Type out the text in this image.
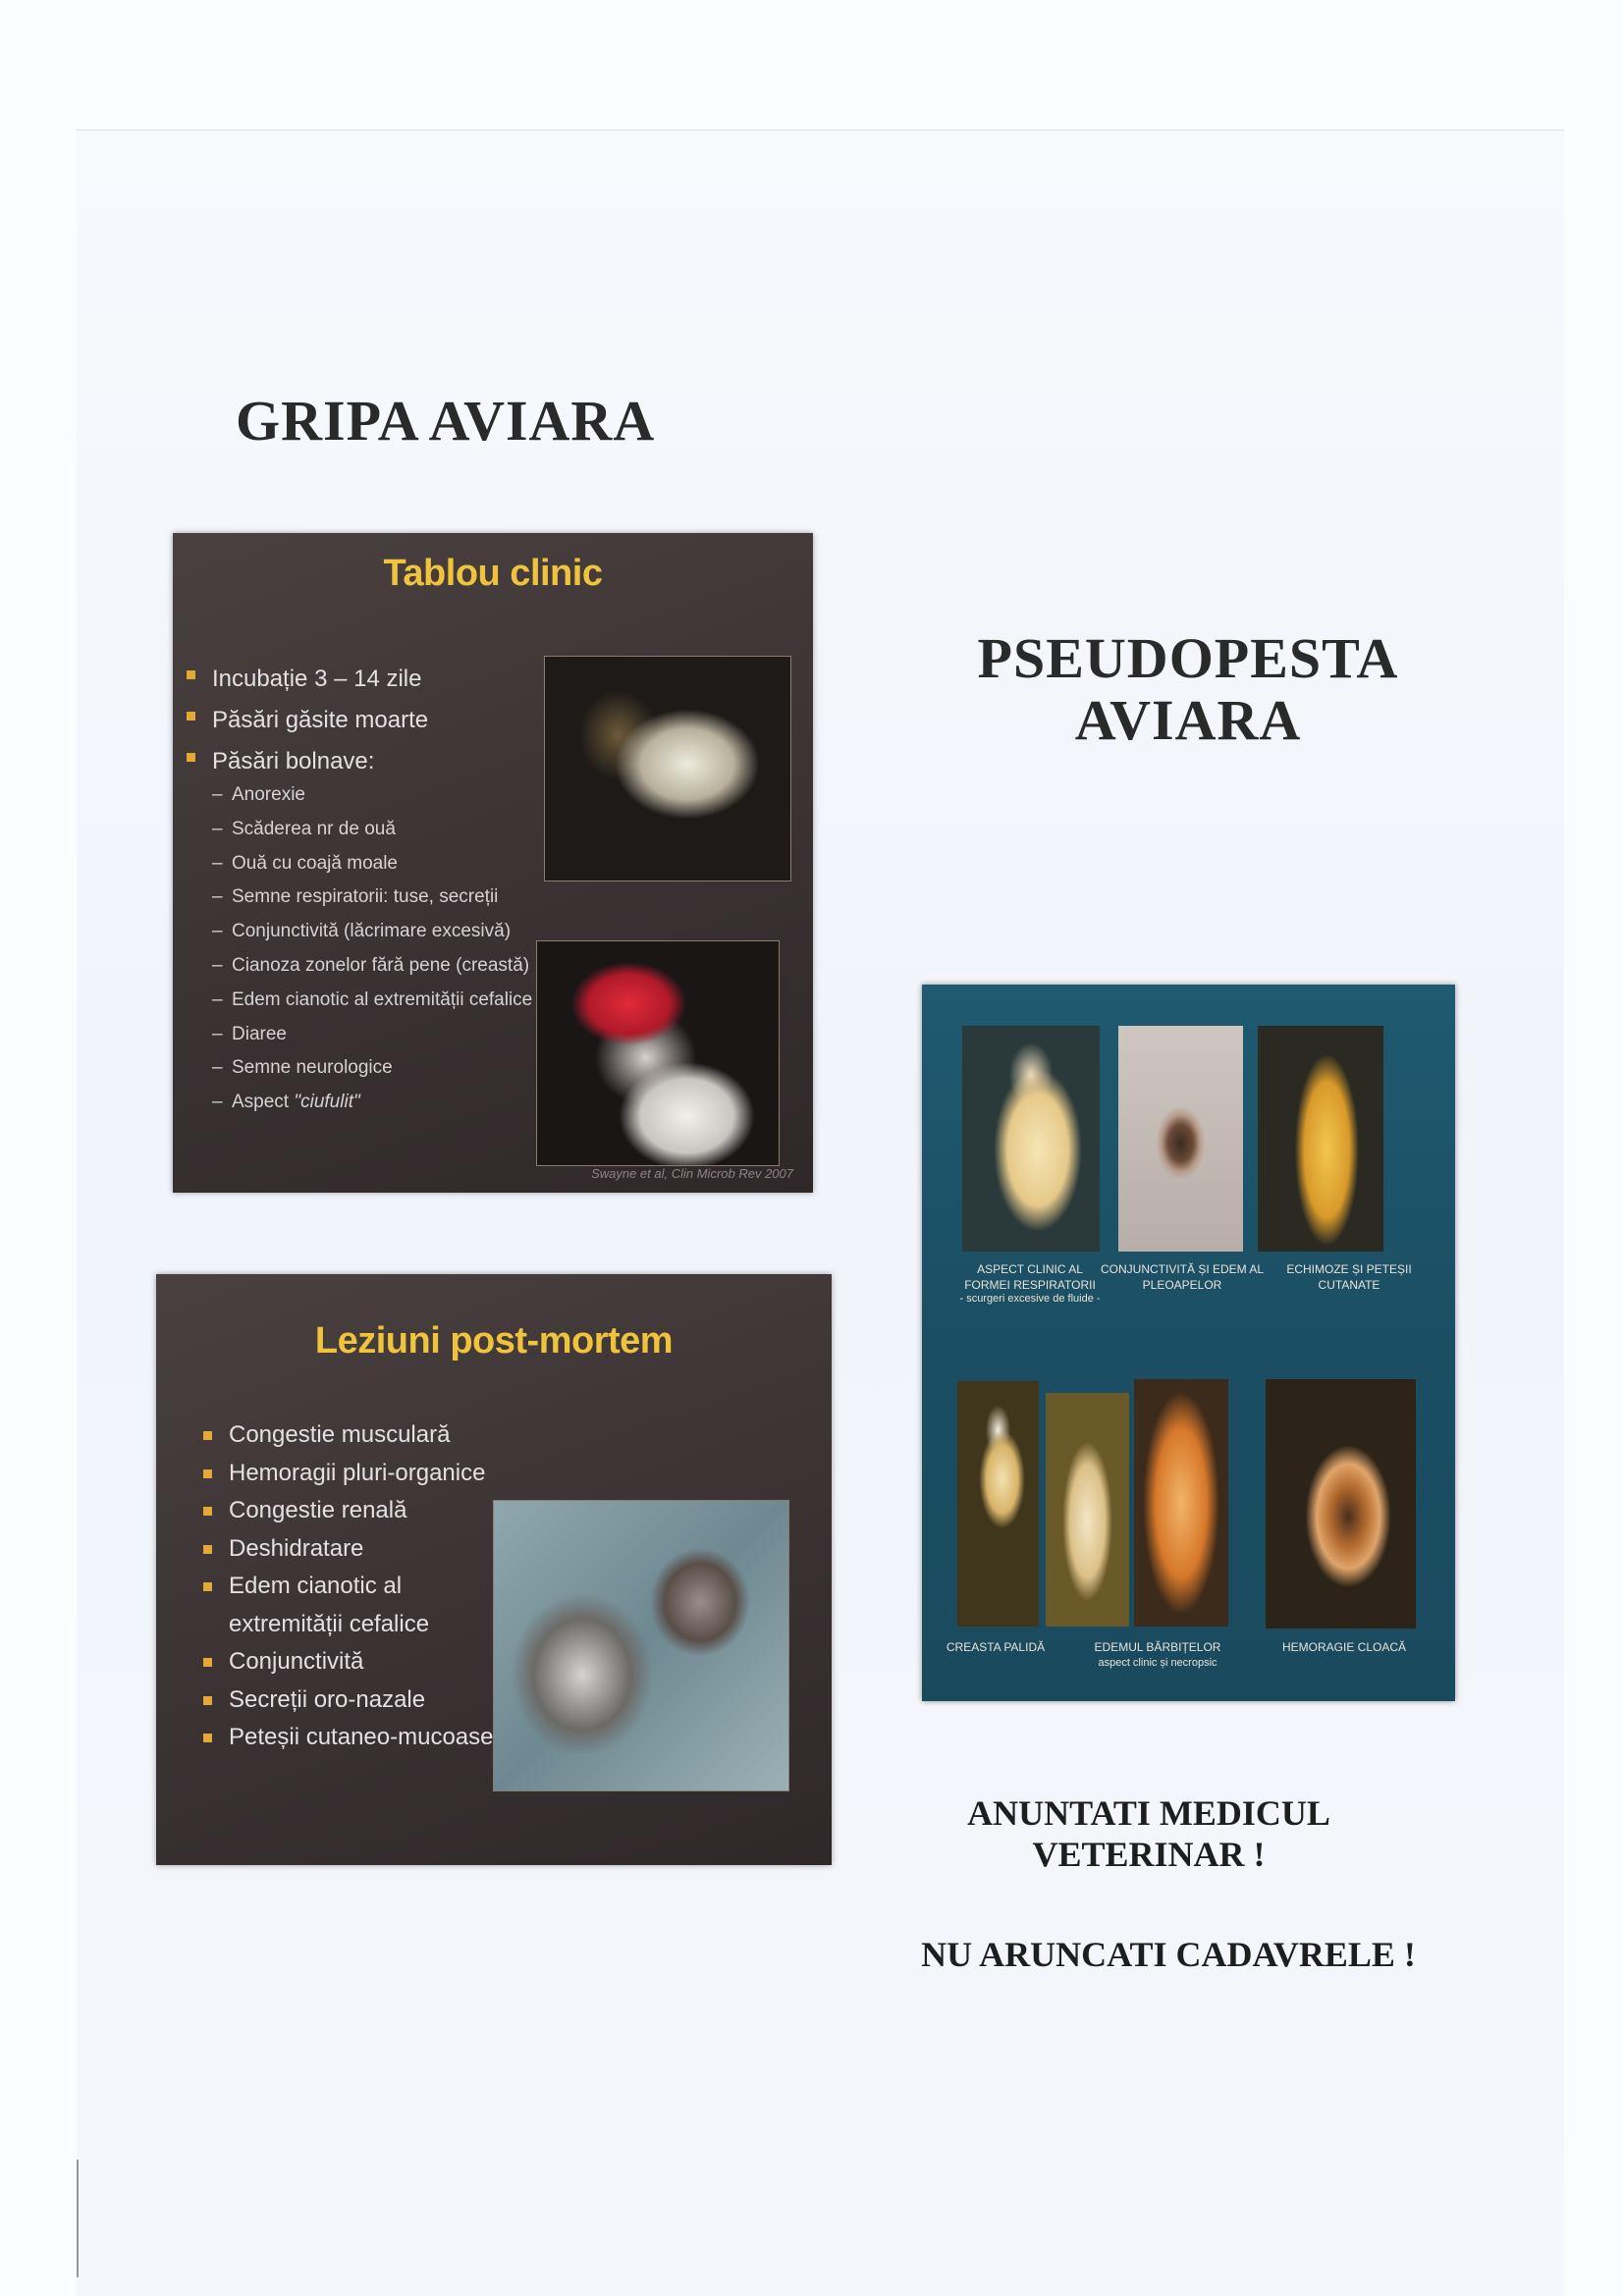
GRIPA AVIARA
PSEUDOPESTA
AVIARA
Tablou clinic
Incubație 3 – 14 zile
Păsări găsite moarte
Păsări bolnave:
– Anorexie
– Scăderea nr de ouă
– Ouă cu coajă moale
– Semne respiratorii: tuse, secreții
– Conjunctivită (lăcrimare excesivă)
– Cianoza zonelor fără pene (creastă)
– Edem cianotic al extremității cefalice
– Diaree
– Semne neurologice
– Aspect "ciufulit"
Swayne et al, Clin Microb Rev 2007
Leziuni post-mortem
Congestie musculară
Hemoragii pluri-organice
Congestie renală
Deshidratare
Edem cianotic al
extremității cefalice
Conjunctivită
Secreții oro-nazale
Peteșii cutaneo-mucoase
ASPECT CLINIC AL
FORMEI RESPIRATORII
- scurgeri excesive de fluide -
CONJUNCTIVITĂ ȘI EDEM AL
PLEOAPELOR
ECHIMOZE ȘI PETEȘII
CUTANATE
CREASTA PALIDĂ	EDEMUL BĂRBIȚELOR
aspect clinic și necropsic
HEMORAGIE CLOACĂ
ANUNTATI MEDICUL
VETERINAR !
NU ARUNCATI CADAVRELE !
